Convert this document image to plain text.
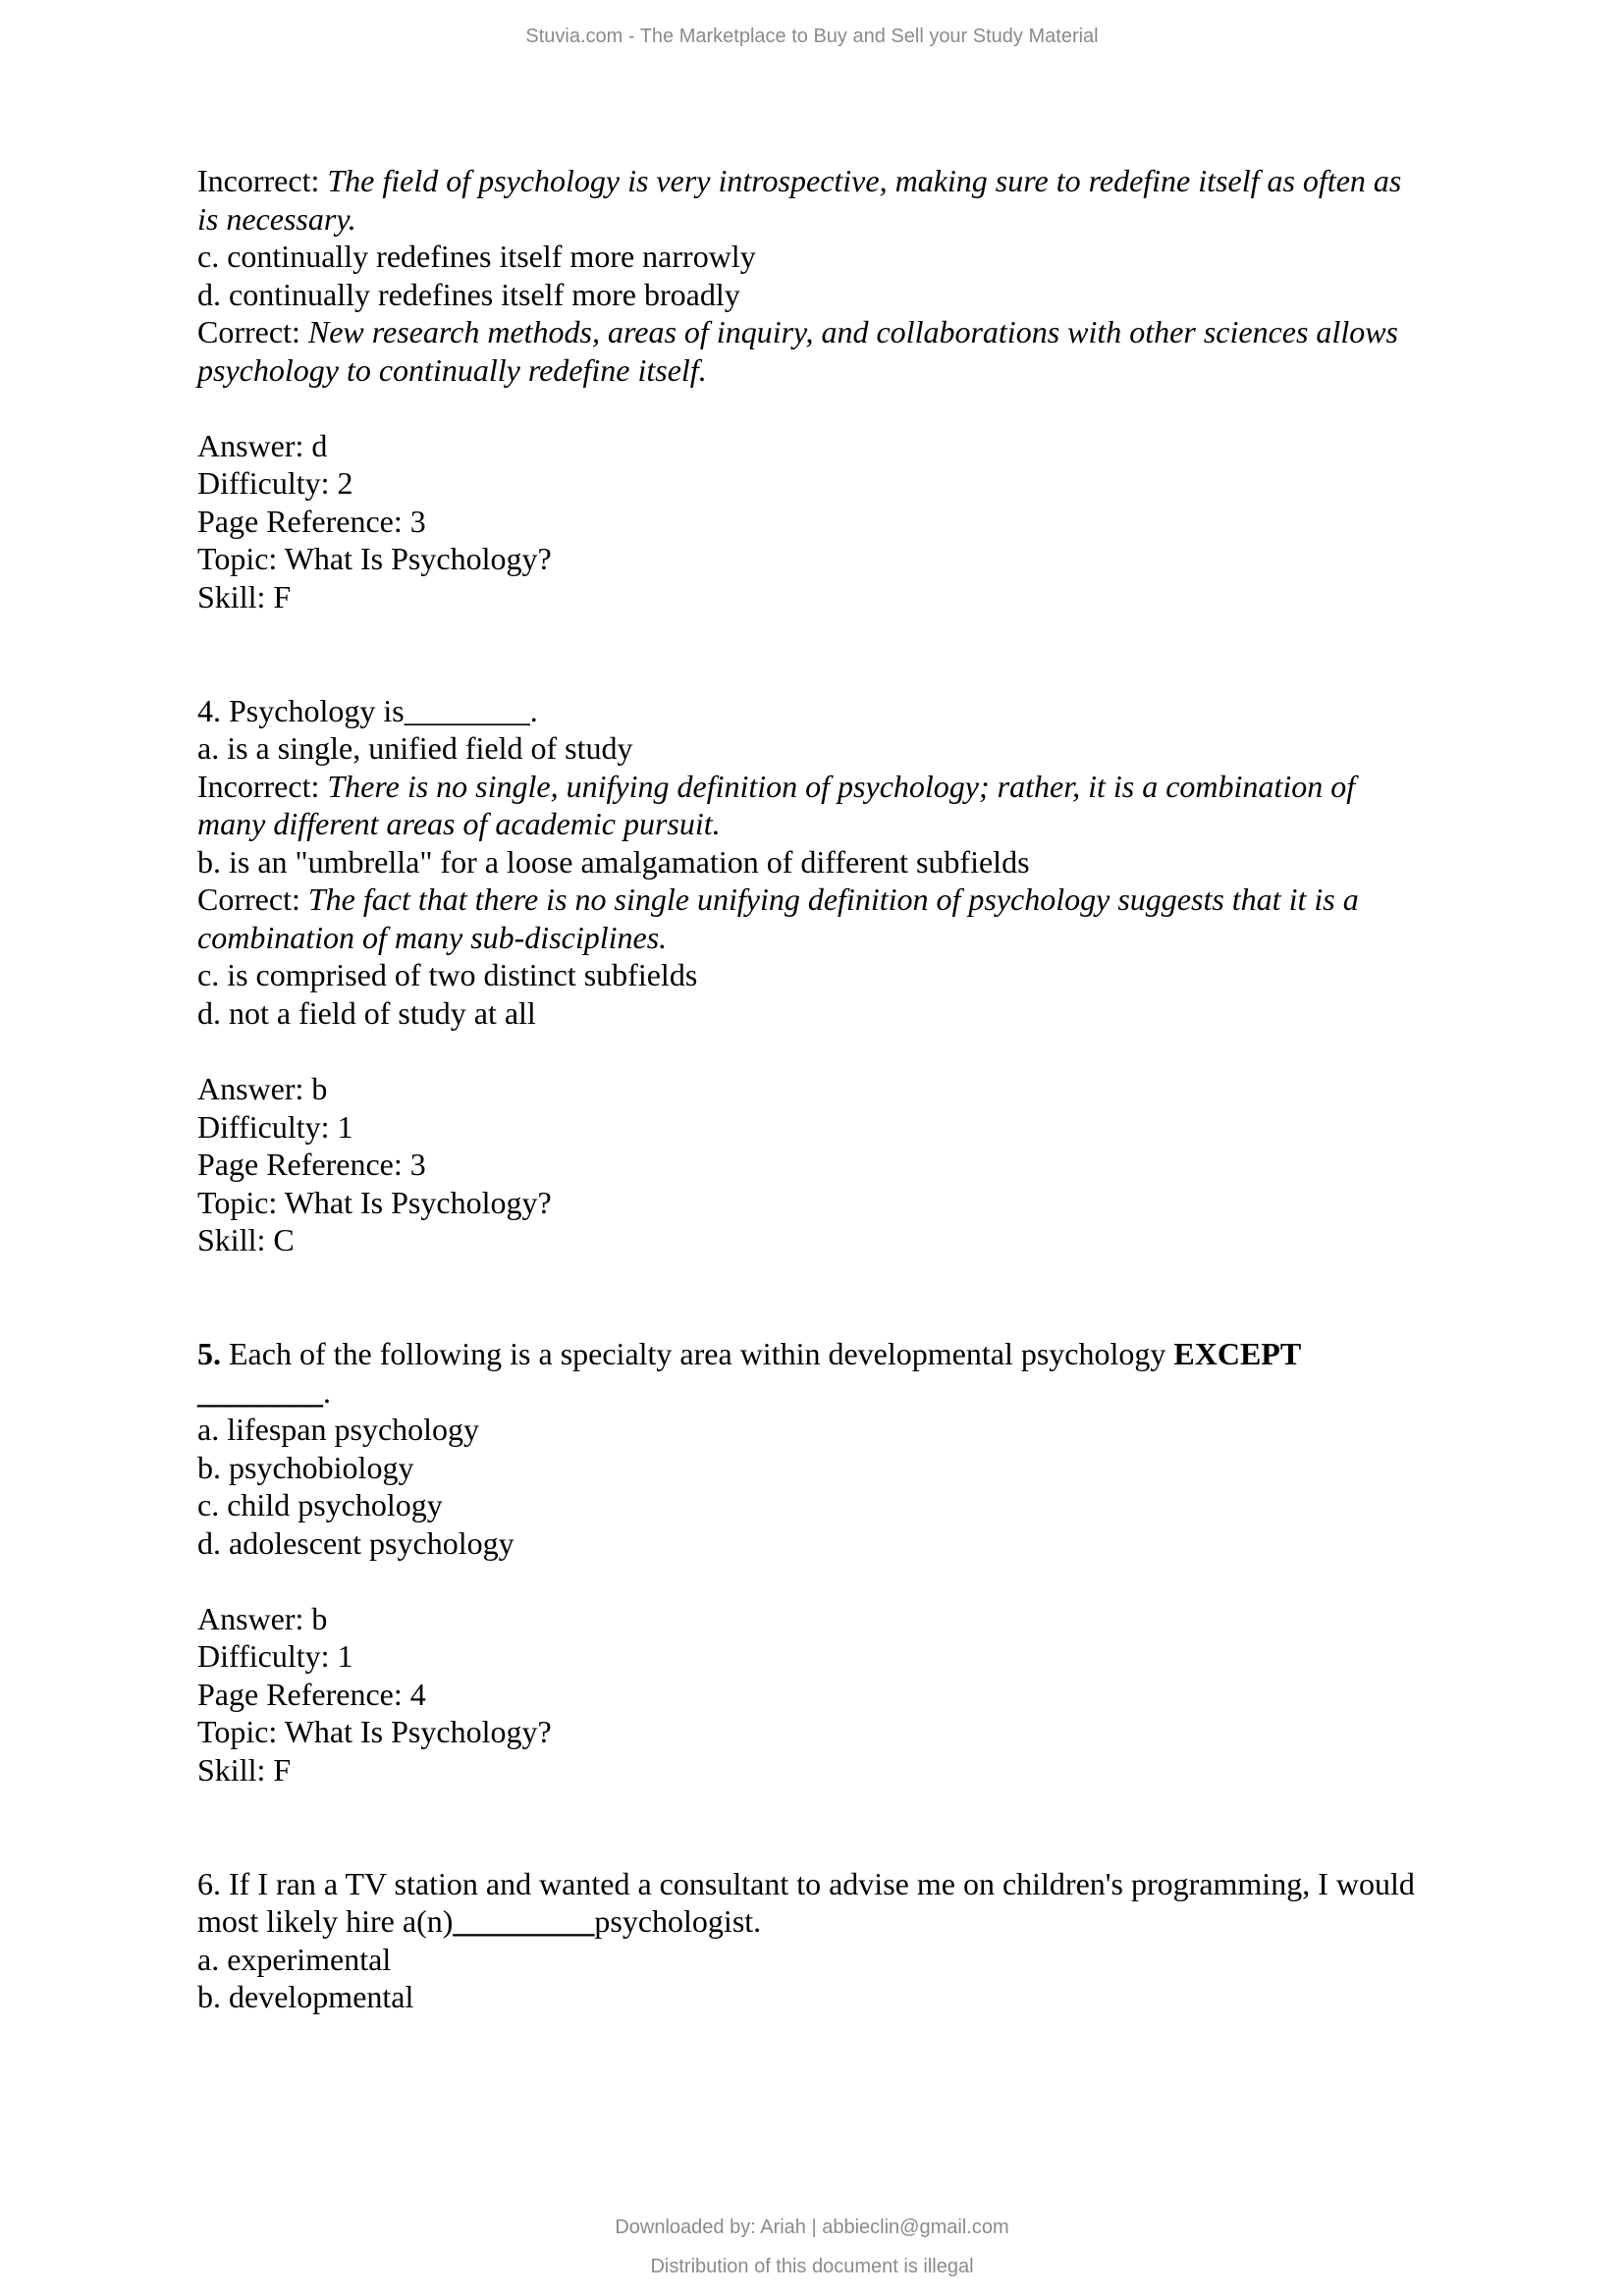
Stuvia.com - The Marketplace to Buy and Sell your Study Material
Incorrect: The field of psychology is very introspective, making sure to redefine itself as often as
is necessary.
c. continually redefines itself more narrowly
d. continually redefines itself more broadly
Correct: New research methods, areas of inquiry, and collaborations with other sciences allows
psychology to continually redefine itself.
Answer: d
Difficulty: 2
Page Reference: 3
Topic: What Is Psychology?
Skill: F
4. Psychology is________.
a. is a single, unified field of study
Incorrect: There is no single, unifying definition of psychology; rather, it is a combination of
many different areas of academic pursuit.
b. is an "umbrella" for a loose amalgamation of different subfields
Correct: The fact that there is no single unifying definition of psychology suggests that it is a
combination of many sub-disciplines.
c. is comprised of two distinct subfields
d. not a field of study at all
Answer: b
Difficulty: 1
Page Reference: 3
Topic: What Is Psychology?
Skill: C
5. Each of the following is a specialty area within developmental psychology EXCEPT
________.
a. lifespan psychology
b. psychobiology
c. child psychology
d. adolescent psychology
Answer: b
Difficulty: 1
Page Reference: 4
Topic: What Is Psychology?
Skill: F
6. If I ran a TV station and wanted a consultant to advise me on children's programming, I would
most likely hire a(n)_________psychologist.
a. experimental
b. developmental
Downloaded by: Ariah | abbieclin@gmail.com
Distribution of this document is illegal
